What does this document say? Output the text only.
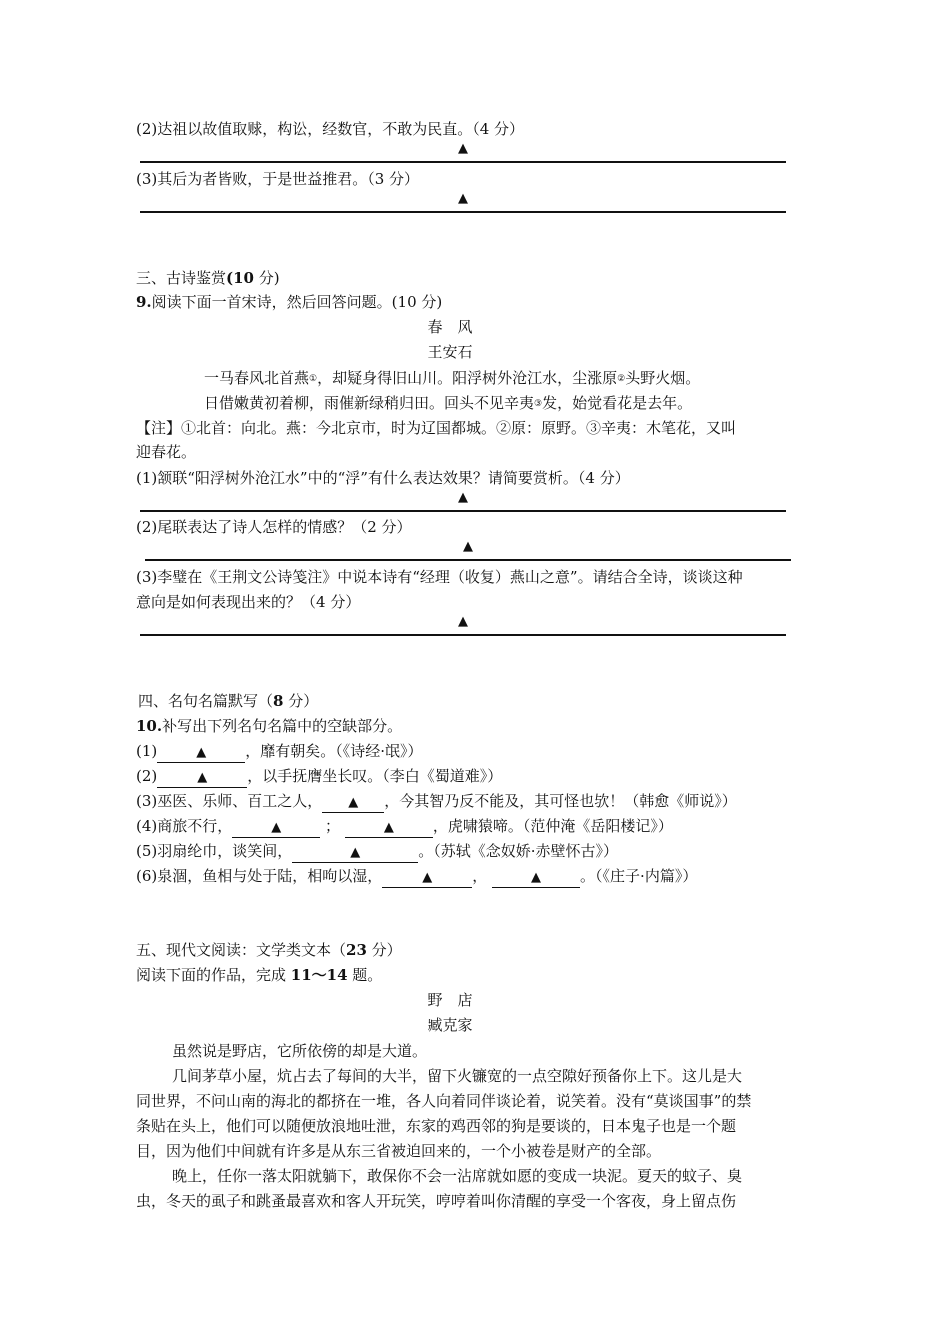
(2)达祖以故值取赇，构讼，经数官，不敢为民直。（4 分）
▲
(3)其后为者皆败，于是世益推君。（3 分）
▲
三、古诗鉴赏(10 分)
9.阅读下面一首宋诗，然后回答问题。(10 分)
春　风
王安石
一马春风北首燕①，却疑身得旧山川。阳浮树外沧江水，尘涨原②头野火烟。
日借嫩黄初着柳，雨催新绿稍归田。回头不见辛夷③发，始觉看花是去年。
【注】①北首：向北。燕：今北京市，时为辽国都城。②原：原野。③辛夷：木笔花，又叫
迎春花。
(1)颔联“阳浮树外沧江水”中的“浮”有什么表达效果？请简要赏析。（4 分）
▲
(2)尾联表达了诗人怎样的情感？（2 分）
▲
(3)李璧在《王荆文公诗笺注》中说本诗有“经理（收复）燕山之意”。请结合全诗，谈谈这种
意向是如何表现出来的？（4 分）
▲
四、名句名篇默写（8 分）
10.补写出下列名句名篇中的空缺部分。
(1)	▲	，靡有朝矣。（《诗经·氓》）
(2)	▲	，以手抚膺坐长叹。（李白《蜀道难》）
(3)巫医、乐师、百工之人， ▲ ，今其智乃反不能及，其可怪也欤！（韩愈《师说》）
(4)商旅不行，	▲	；	▲	，虎啸猿啼。（范仲淹《岳阳楼记》）
(5)羽扇纶巾，谈笑间，	▲	。（苏轼《念奴娇·赤壁怀古》）
(6)泉涸，鱼相与处于陆，相呴以湿，	▲	，	▲	。（《庄子·内篇》）
五、现代文阅读：文学类文本（23 分）
阅读下面的作品，完成 11～14 题。
野　店
臧克家
虽然说是野店，它所依傍的却是大道。
几间茅草小屋，炕占去了每间的大半，留下火镰宽的一点空隙好预备你上下。这儿是大
同世界，不问山南的海北的都挤在一堆，各人向着同伴谈论着，说笑着。没有“莫谈国事”的禁
条贴在头上，他们可以随便放浪地吐泄，东家的鸡西邻的狗是要谈的，日本鬼子也是一个题
目，因为他们中间就有许多是从东三省被迫回来的，一个小被卷是财产的全部。
晚上，任你一落太阳就躺下，敢保你不会一沾席就如愿的变成一块泥。夏天的蚊子、臭
虫，冬天的虱子和跳蚤最喜欢和客人开玩笑，哼哼着叫你清醒的享受一个客夜，身上留点伤
